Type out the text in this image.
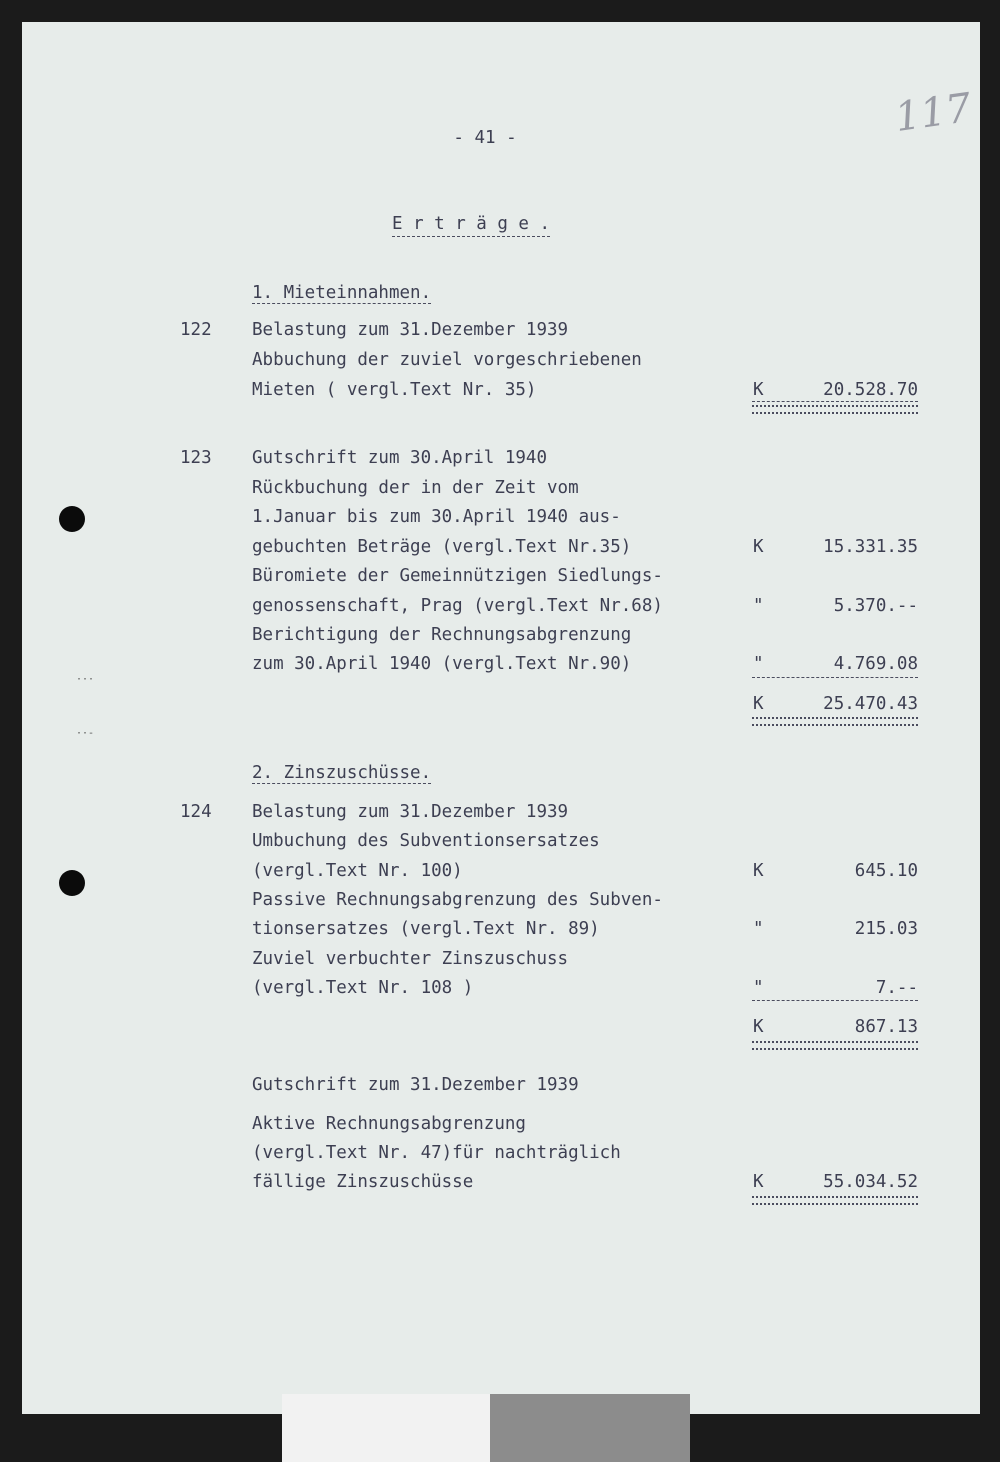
117
- 41 -
E r t r ä g e .
1. Mieteinnahmen.
122 Belastung zum 31.Dezember 1939
Abbuchung der zuviel vorgeschriebenen
Mieten ( vergl.Text Nr. 35)	K	20.528.70
123 Gutschrift zum 30.April 1940
Rückbuchung der in der Zeit vom
1.Januar bis zum 30.April 1940 aus-
gebuchten Beträge (vergl.Text Nr.35)	K	15.331.35
Büromiete der Gemeinnützigen Siedlungs-
genossenschaft, Prag (vergl.Text Nr.68)	"	5.370.--
Berichtigung der Rechnungsabgrenzung
zum 30.April 1940 (vergl.Text Nr.90)	"	4.769.08
K	25.470.43
2. Zinszuschüsse.
124 Belastung zum 31.Dezember 1939
Umbuchung des Subventionsersatzes
(vergl.Text Nr. 100)	K	645.10
Passive Rechnungsabgrenzung des Subven-
tionsersatzes (vergl.Text Nr. 89)	"	215.03
Zuviel verbuchter Zinszuschuss
(vergl.Text Nr. 108 )	"	7.--
K	867.13
Gutschrift zum 31.Dezember 1939
Aktive Rechnungsabgrenzung
(vergl.Text Nr. 47)für nachträglich
fällige Zinszuschüsse	K	55.034.52
···
··-
